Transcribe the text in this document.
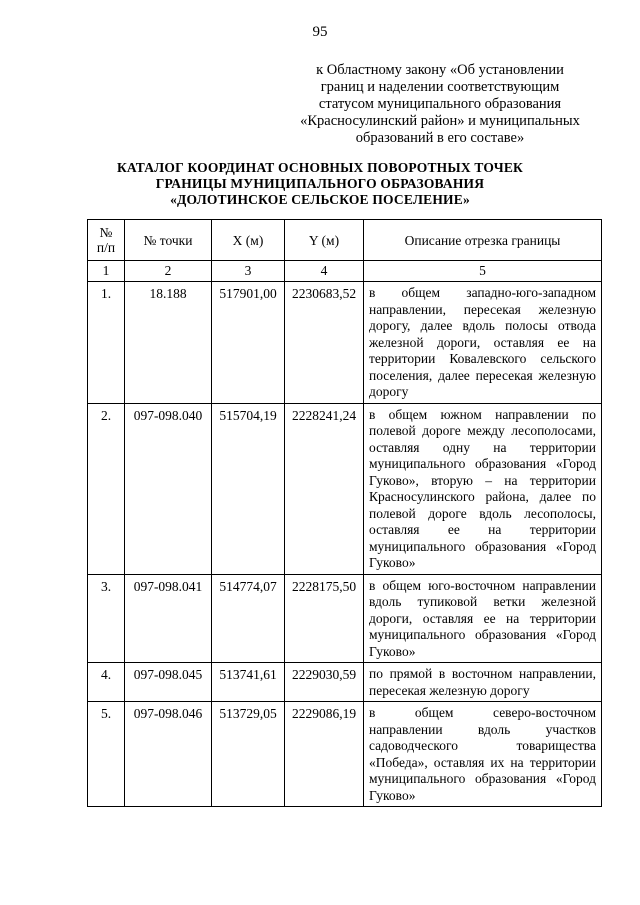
95
к Областному закону «Об установлении
границ и наделении соответствующим
статусом муниципального образования
«Красносулинский район» и муниципальных
образований в его составе»
КАТАЛОГ КООРДИНАТ ОСНОВНЫХ ПОВОРОТНЫХ ТОЧЕК
ГРАНИЦЫ МУНИЦИПАЛЬНОГО ОБРАЗОВАНИЯ
«ДОЛОТИНСКОЕ СЕЛЬСКОЕ ПОСЕЛЕНИЕ»
№
п/п	№ точки	X (м)	Y (м)	Описание отрезка границы
1	2	3	4	5
1.	18.188	517901,00	2230683,52	в общем западно-юго-западном направлении, пересекая железную дорогу, далее вдоль полосы отвода железной дороги, оставляя ее на территории Ковалевского сельского поселения, далее пересекая железную дорогу
2.	097-098.040	515704,19	2228241,24	в общем южном направлении по полевой дороге между лесополосами, оставляя одну на территории муниципального образования «Город Гуково», вторую – на территории Красносулинского района, далее по полевой дороге вдоль лесополосы, оставляя ее на территории муниципального образования «Город Гуково»
3.	097-098.041	514774,07	2228175,50	в общем юго-восточном направлении вдоль тупиковой ветки железной дороги, оставляя ее на территории муниципального образования «Город Гуково»
4.	097-098.045	513741,61	2229030,59	по прямой в восточном направлении, пересекая железную дорогу
5.	097-098.046	513729,05	2229086,19	в общем северо-восточном направлении вдоль участков садоводческого товарищества «Победа», оставляя их на территории муниципального образования «Город Гуково»
